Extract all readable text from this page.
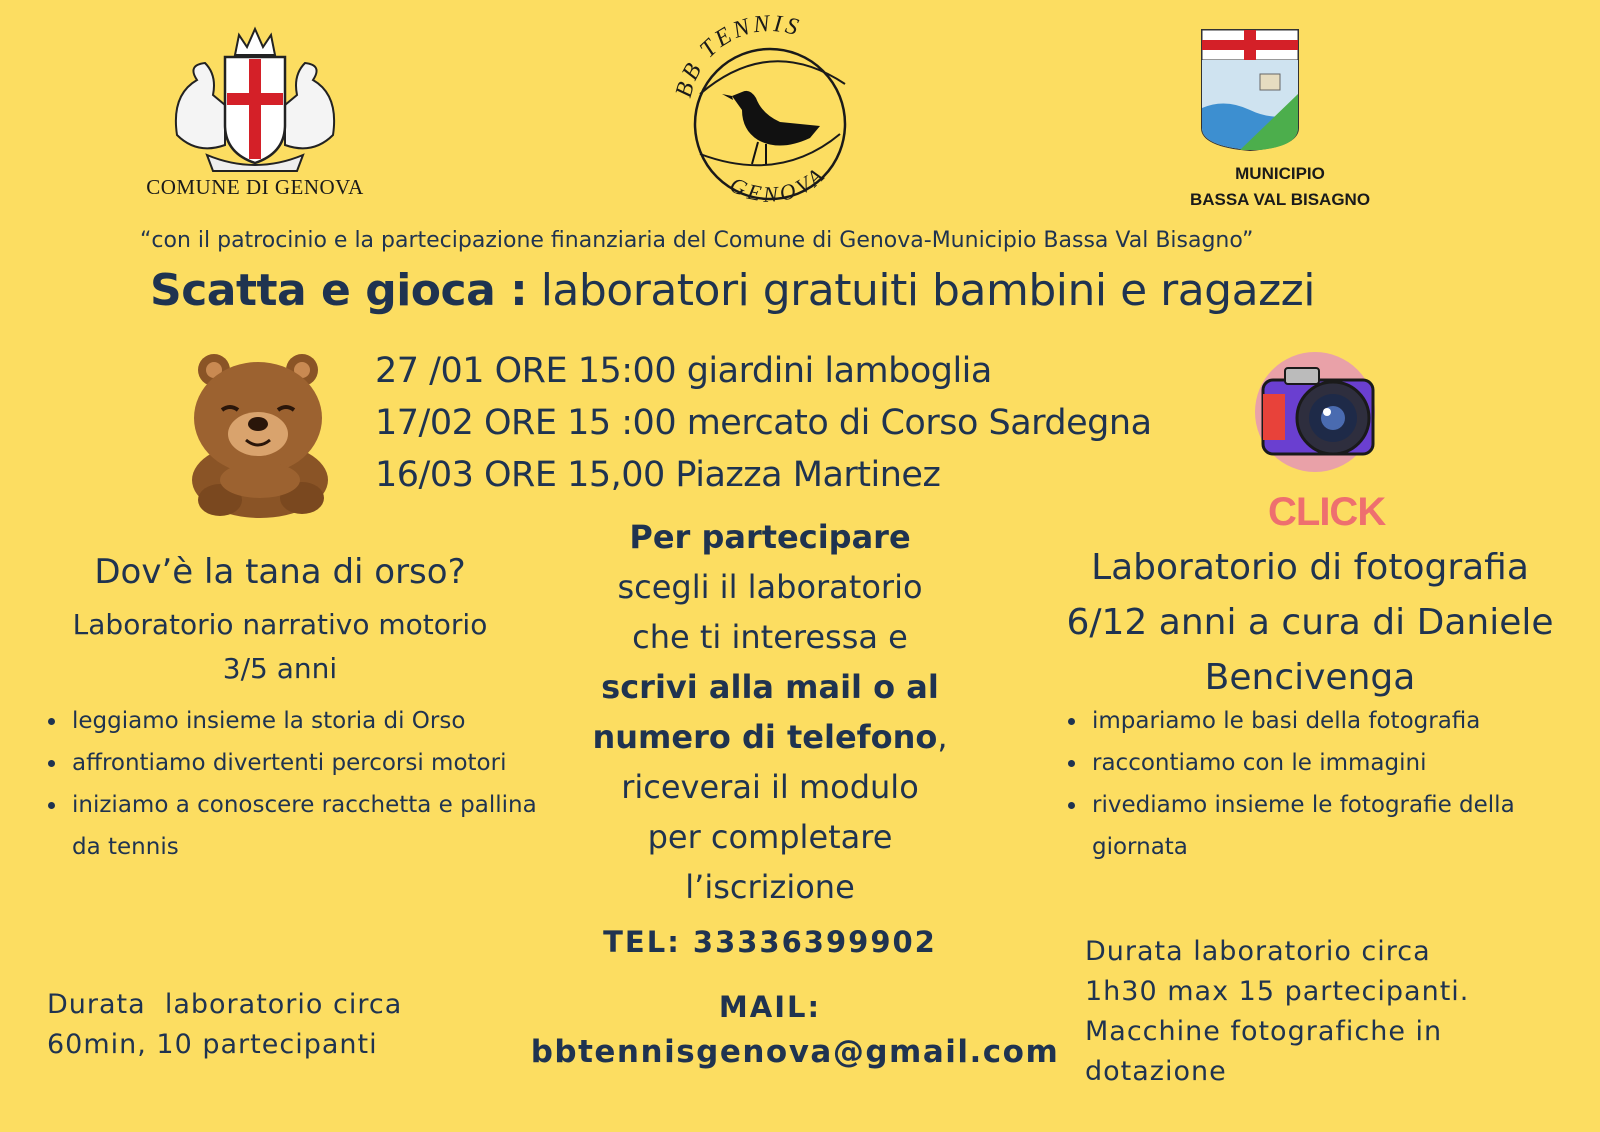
COMUNE DI GENOVA
BB TENNIS
GENOVA	MUNICIPIO
BASSA VAL BISAGNO
“con il patrocinio e la partecipazione finanziaria del Comune di Genova-Municipio Bassa Val Bisagno”
Scatta e gioca : laboratori gratuiti bambini e ragazzi
27 /01 ORE 15:00 giardini lamboglia
17/02 ORE 15 :00 mercato di Corso Sardegna
16/03 ORE 15,00 Piazza Martinez
CLICK
Dov’è la tana di orso?
Laboratorio narrativo motorio
3/5 anni
• leggiamo insieme la storia di Orso
• affrontiamo divertenti percorsi motori
• iniziamo a conoscere racchetta e pallina da tennis
Durata  laboratorio circa
60min, 10 partecipanti
Per partecipare
scegli il laboratorio
che ti interessa e
scrivi alla mail o al
numero di telefono,
riceverai il modulo
per completare
l’iscrizione
TEL: 33336399902
MAIL:
bbtennisgenova@gmail.com
Laboratorio di fotografia
6/12 anni a cura di Daniele
Bencivenga
• impariamo le basi della fotografia
• raccontiamo con le immagini
• rivediamo insieme le fotografie della giornata
Durata laboratorio circa
1h30 max 15 partecipanti.
Macchine fotografiche in
dotazione
